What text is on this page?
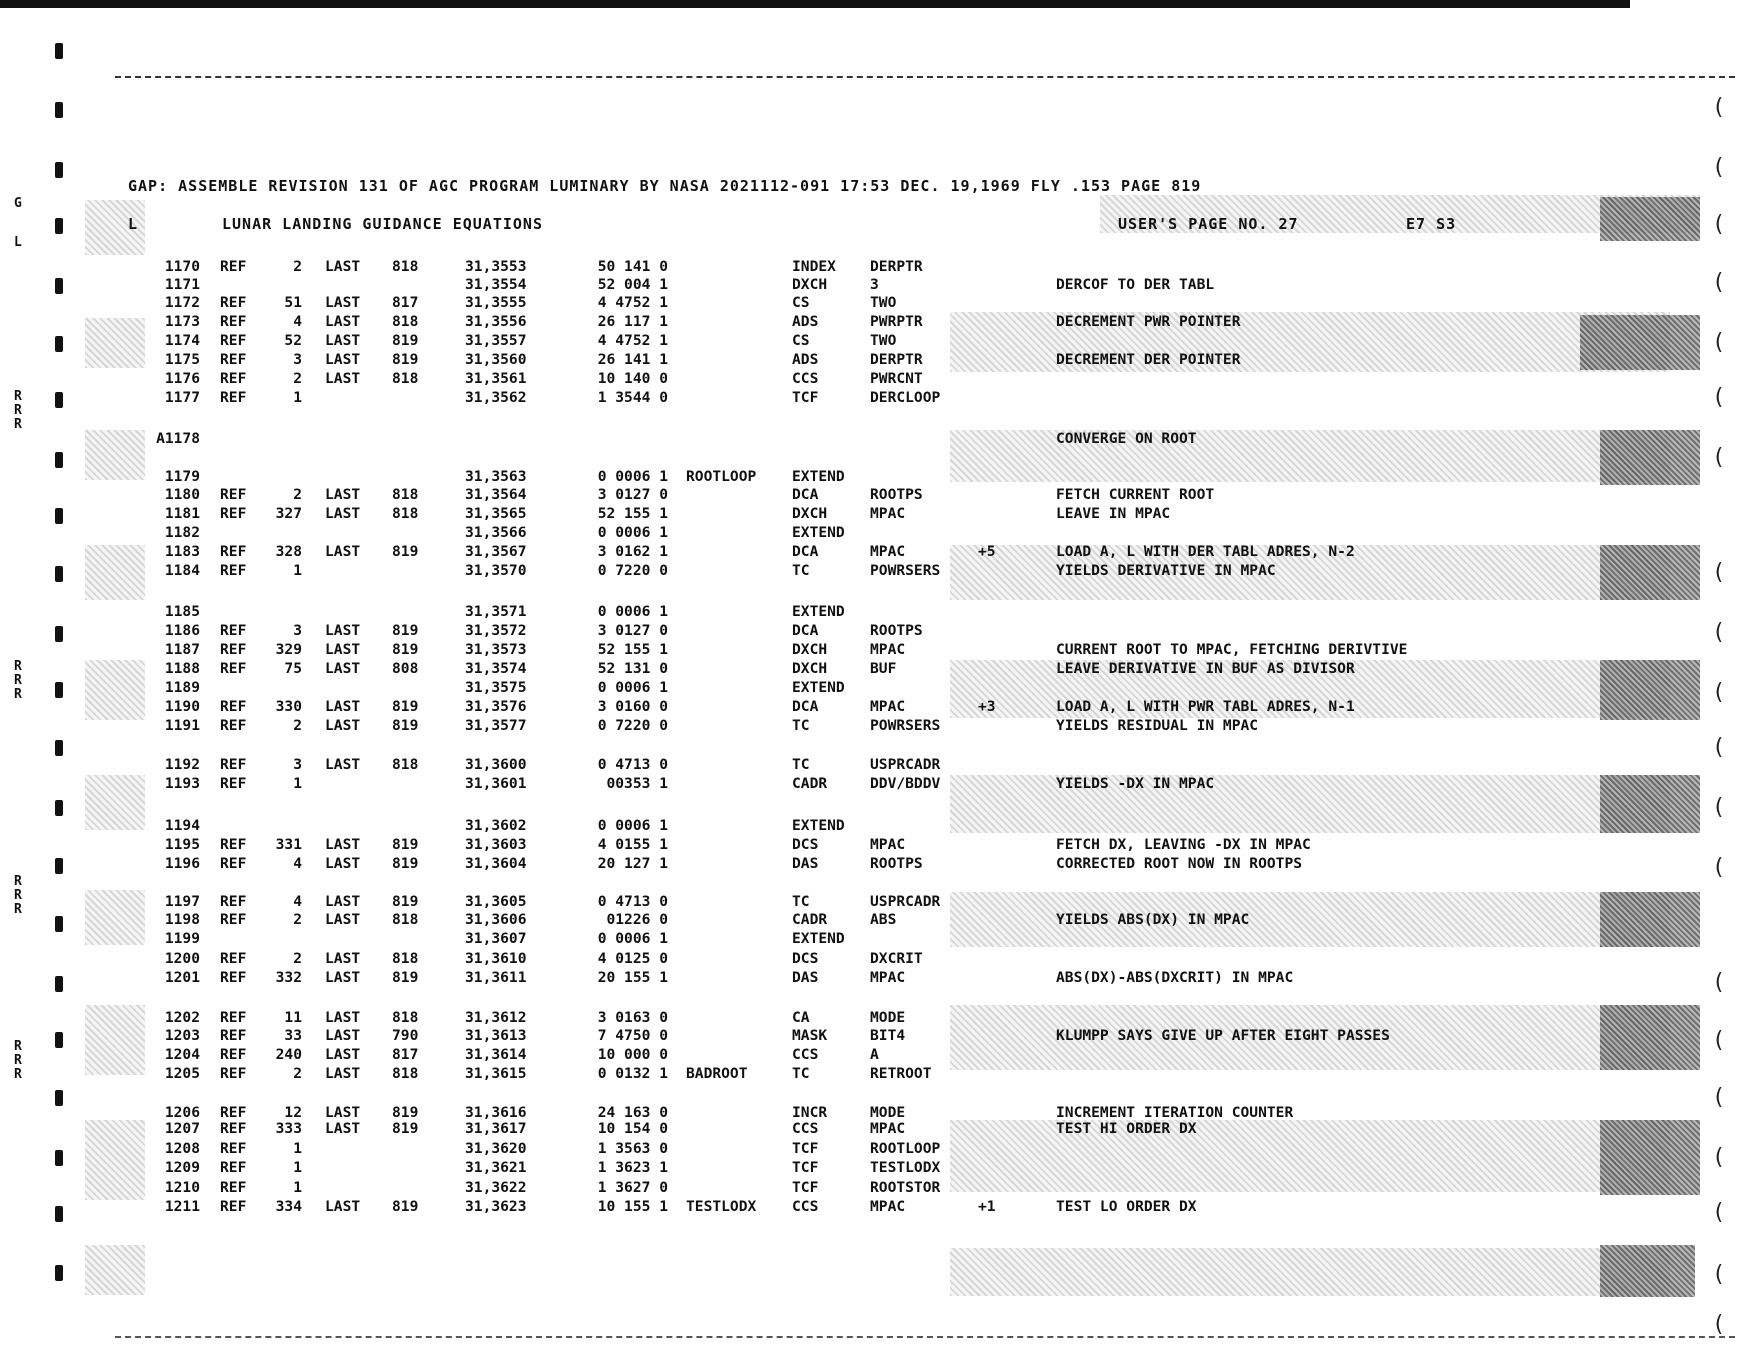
(
(
(
(
(
(
(
(
(
(
(
(
(
(
(
(
(
(
(
(
G
L
R
R
R
R
R
R
R
R
R
R
R
R
GAP: ASSEMBLE REVISION 131 OF AGC PROGRAM LUMINARY BY NASA 2021112-091 17:53 DEC. 19,1969 FLY .153 PAGE 819
L	LUNAR LANDING GUIDANCE EQUATIONS	USER'S PAGE NO. 27	E7 S3
1170 REF	2 LAST 818	31,3553	50 141 0	INDEX DERPTR
1171	31,3554	52 004 1	DXCH	3	DERCOF TO DER TABL
1172 REF	51 LAST 817	31,3555	4 4752 1	CS	TWO
1173 REF	4 LAST 818	31,3556	26 117 1	ADS	PWRPTR	DECREMENT PWR POINTER
1174 REF	52 LAST 819	31,3557	4 4752 1	CS	TWO
1175 REF	3 LAST 819	31,3560	26 141 1	ADS	DERPTR	DECREMENT DER POINTER
1176 REF	2 LAST 818	31,3561	10 140 0	CCS	PWRCNT
1177 REF	1	31,3562	1 3544 0	TCF	DERCLOOP
A1178	CONVERGE ON ROOT
1179	31,3563	0 0006 1 ROOTLOOP EXTEND
1180 REF	2 LAST 818	31,3564	3 0127 0	DCA	ROOTPS	FETCH CURRENT ROOT
1181 REF	327 LAST 818	31,3565	52 155 1	DXCH	MPAC	LEAVE IN MPAC
1182	31,3566	0 0006 1	EXTEND
1183 REF	328 LAST 819	31,3567	3 0162 1	DCA	MPAC	+5	LOAD A, L WITH DER TABL ADRES, N-2
1184 REF	1	31,3570	0 7220 0	TC	POWRSERS	YIELDS DERIVATIVE IN MPAC
1185	31,3571	0 0006 1	EXTEND
1186 REF	3 LAST 819	31,3572	3 0127 0	DCA	ROOTPS
1187 REF	329 LAST 819	31,3573	52 155 1	DXCH	MPAC	CURRENT ROOT TO MPAC, FETCHING DERIVTIVE
1188 REF	75 LAST 808	31,3574	52 131 0	DXCH	BUF	LEAVE DERIVATIVE IN BUF AS DIVISOR
1189	31,3575	0 0006 1	EXTEND
1190 REF	330 LAST 819	31,3576	3 0160 0	DCA	MPAC	+3	LOAD A, L WITH PWR TABL ADRES, N-1
1191 REF	2 LAST 819	31,3577	0 7220 0	TC	POWRSERS	YIELDS RESIDUAL IN MPAC
1192 REF	3 LAST 818	31,3600	0 4713 0	TC	USPRCADR
1193 REF	1	31,3601	00353 1	CADR	DDV/BDDV	YIELDS -DX IN MPAC
1194	31,3602	0 0006 1	EXTEND
1195 REF	331 LAST 819	31,3603	4 0155 1	DCS	MPAC	FETCH DX, LEAVING -DX IN MPAC
1196 REF	4 LAST 819	31,3604	20 127 1	DAS	ROOTPS	CORRECTED ROOT NOW IN ROOTPS
1197 REF	4 LAST 819	31,3605	0 4713 0	TC	USPRCADR
1198 REF	2 LAST 818	31,3606	01226 0	CADR	ABS	YIELDS ABS(DX) IN MPAC
1199	31,3607	0 0006 1	EXTEND
1200 REF	2 LAST 818	31,3610	4 0125 0	DCS	DXCRIT
1201 REF	332 LAST 819	31,3611	20 155 1	DAS	MPAC	ABS(DX)-ABS(DXCRIT) IN MPAC
1202 REF	11 LAST 818	31,3612	3 0163 0	CA	MODE
1203 REF	33 LAST 790	31,3613	7 4750 0	MASK	BIT4	KLUMPP SAYS GIVE UP AFTER EIGHT PASSES
1204 REF	240 LAST 817	31,3614	10 000 0	CCS	A
1205 REF	2 LAST 818	31,3615	0 0132 1 BADROOT	TC	RETROOT
1206 REF	12 LAST 819	31,3616	24 163 0	INCR	MODE	INCREMENT ITERATION COUNTER
1207 REF	333 LAST 819	31,3617	10 154 0	CCS	MPAC	TEST HI ORDER DX
1208 REF	1	31,3620	1 3563 0	TCF	ROOTLOOP
1209 REF	1	31,3621	1 3623 1	TCF	TESTLODX
1210 REF	1	31,3622	1 3627 0	TCF	ROOTSTOR
1211 REF	334 LAST 819	31,3623	10 155 1 TESTLODX CCS	MPAC	+1	TEST LO ORDER DX
